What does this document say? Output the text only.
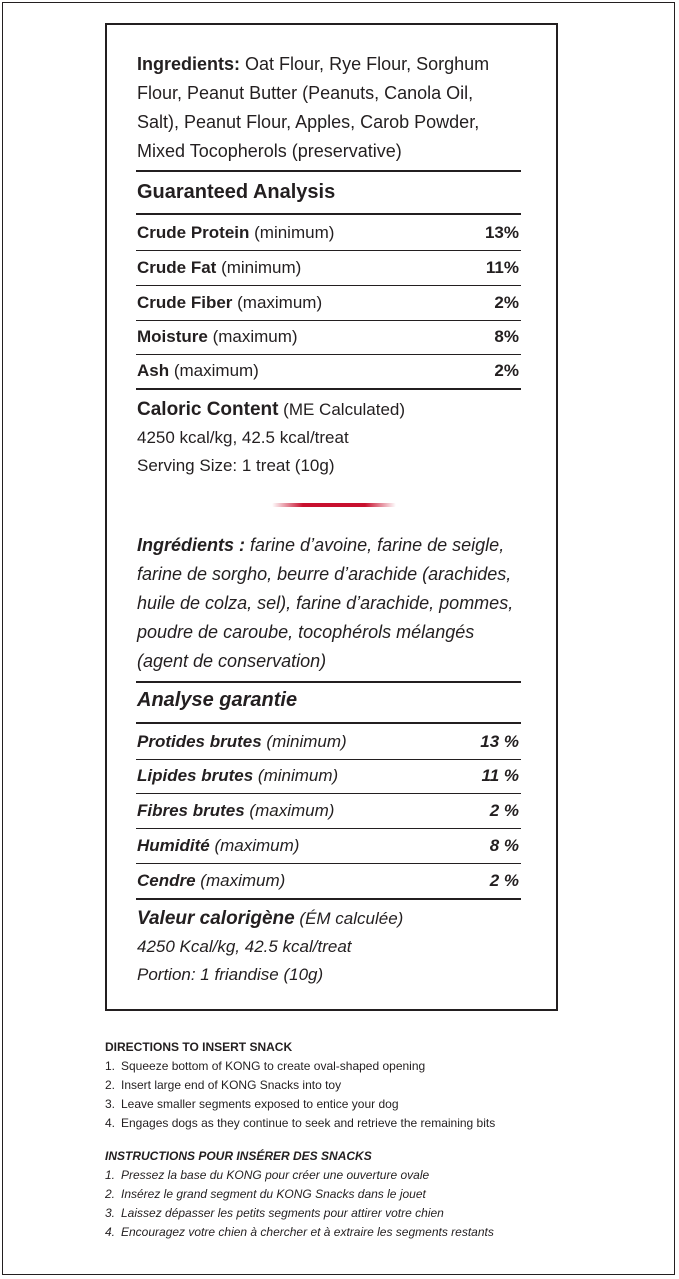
Ingredients: Oat Flour, Rye Flour, Sorghum
Flour, Peanut Butter (Peanuts, Canola Oil,
Salt), Peanut Flour, Apples, Carob Powder,
Mixed Tocopherols (preservative)
Guaranteed Analysis
Crude Protein (minimum)	13%
Crude Fat (minimum)	11%
Crude Fiber (maximum)	2%
Moisture (maximum)	8%
Ash (maximum)	2%
Caloric Content (ME Calculated)
4250 kcal/kg, 42.5 kcal/treat
Serving Size: 1 treat (10g)
Ingrédients : farine d’avoine, farine de seigle,
farine de sorgho, beurre d’arachide (arachides,
huile de colza, sel), farine d’arachide, pommes,
poudre de caroube, tocophérols mélangés
(agent de conservation)
Analyse garantie
Protides brutes (minimum)	13 %
Lipides brutes (minimum)	11 %
Fibres brutes (maximum)	2 %
Humidité (maximum)	8 %
Cendre (maximum)	2 %
Valeur calorigène (ÉM calculée)
4250 Kcal/kg, 42.5 kcal/treat
Portion: 1 friandise (10g)
DIRECTIONS TO INSERT SNACK
1. Squeeze bottom of KONG to create oval-shaped opening
2. Insert large end of KONG Snacks into toy
3. Leave smaller segments exposed to entice your dog
4. Engages dogs as they continue to seek and retrieve the remaining bits
INSTRUCTIONS POUR INSÉRER DES SNACKS
1. Pressez la base du KONG pour créer une ouverture ovale
2. Insérez le grand segment du KONG Snacks dans le jouet
3. Laissez dépasser les petits segments pour attirer votre chien
4. Encouragez votre chien à chercher et à extraire les segments restants
